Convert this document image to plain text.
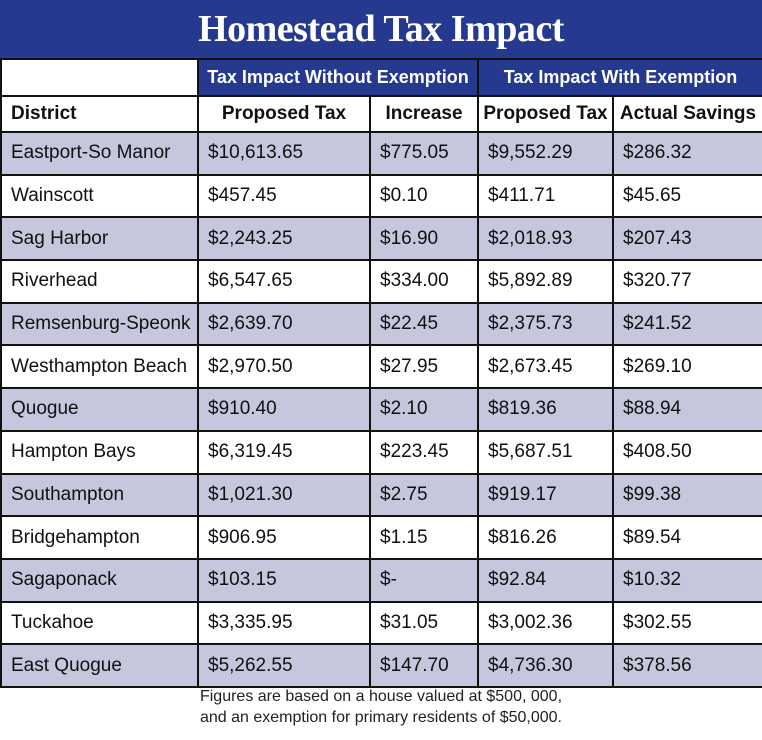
Homestead Tax Impact
	Tax Impact Without Exemption		Tax Impact With Exemption	
District	Proposed Tax	Increase	Proposed Tax	Actual Savings
Eastport-So Manor	$10,613.65	$775.05	$9,552.29	$286.32
Wainscott	$457.45	$0.10	$411.71	$45.65
Sag Harbor	$2,243.25	$16.90	$2,018.93	$207.43
Riverhead	$6,547.65	$334.00	$5,892.89	$320.77
Remsenburg-Speonk	$2,639.70	$22.45	$2,375.73	$241.52
Westhampton Beach	$2,970.50	$27.95	$2,673.45	$269.10
Quogue	$910.40	$2.10	$819.36	$88.94
Hampton Bays	$6,319.45	$223.45	$5,687.51	$408.50
Southampton	$1,021.30	$2.75	$919.17	$99.38
Bridgehampton	$906.95	$1.15	$816.26	$89.54
Sagaponack	$103.15	$-	$92.84	$10.32
Tuckahoe	$3,335.95	$31.05	$3,002.36	$302.55
East Quogue	$5,262.55	$147.70	$4,736.30	$378.56
Figures are based on a house valued at $500, 000,
and an exemption for primary residents of $50,000.
